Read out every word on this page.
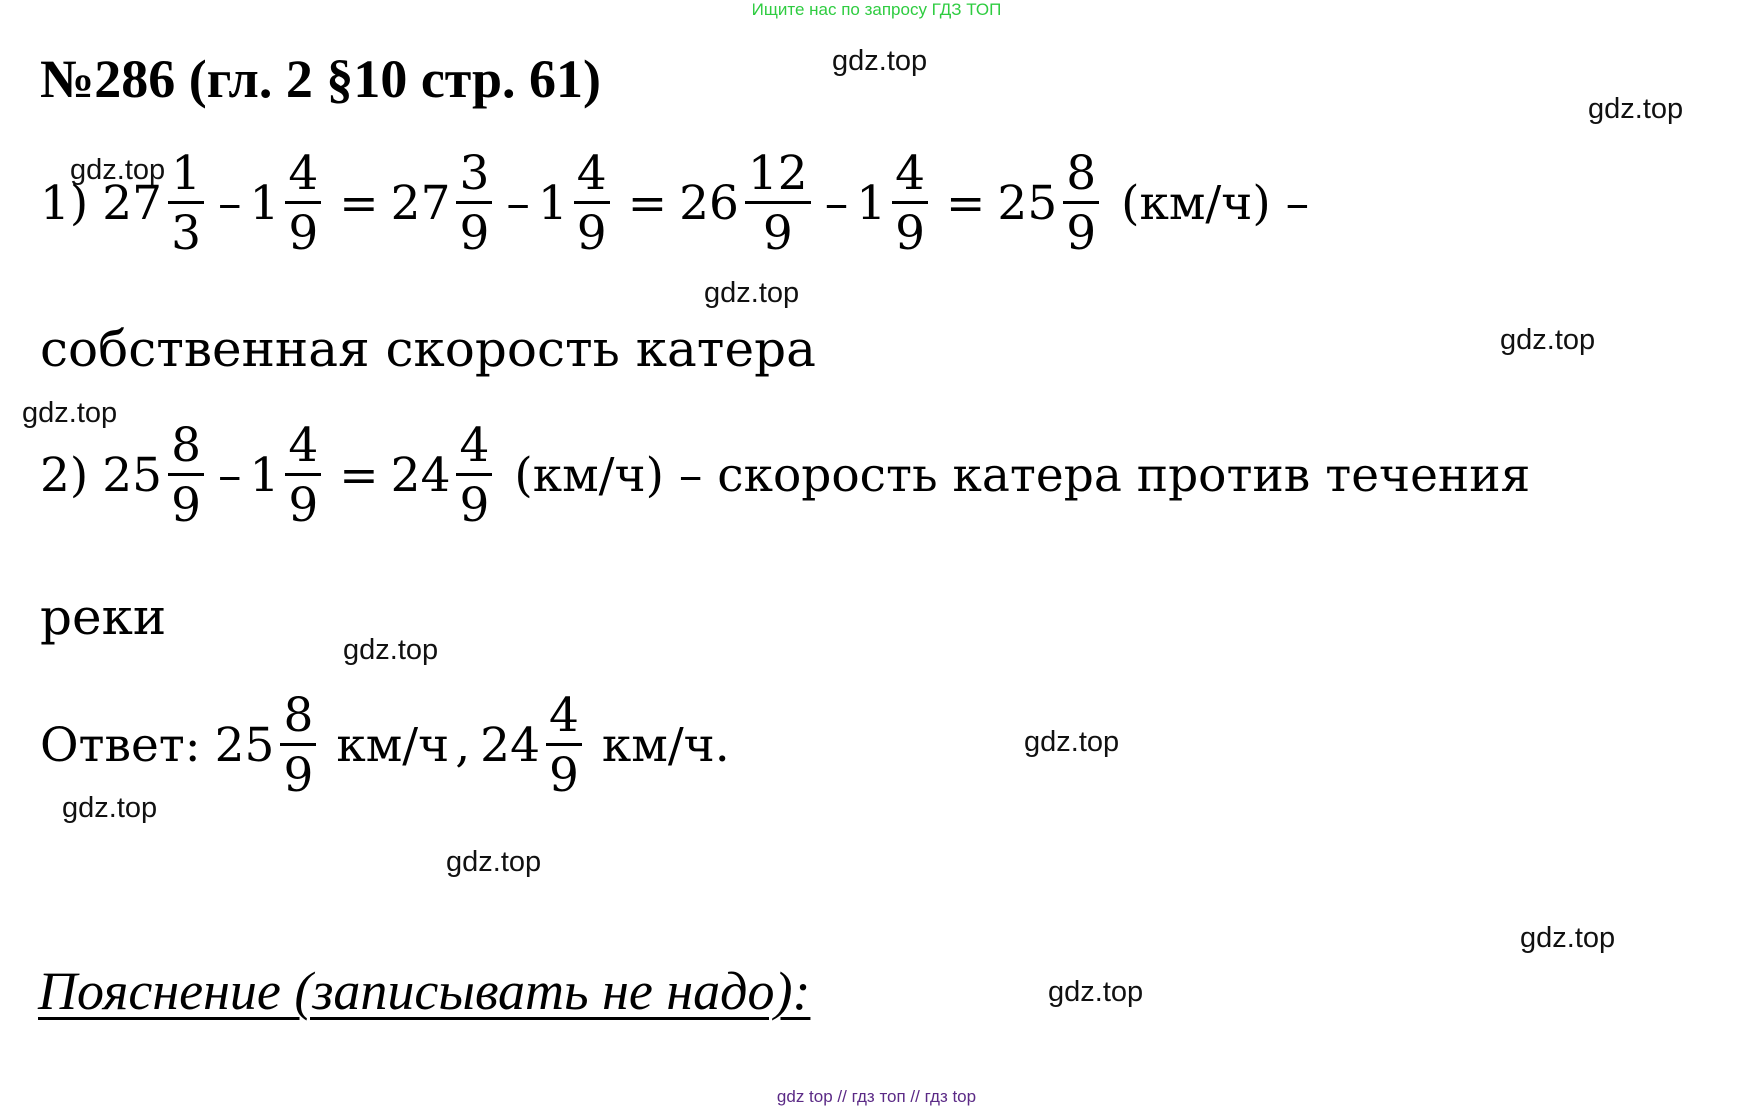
Ищите нас по запросу ГДЗ ТОП
№286 (гл. 2 §10 стр. 61)	gdz.top
gdz.top
gdz.top
gdz.top
gdz.top
gdz.top
gdz.top
gdz.top
gdz.top
gdz.top
gdz.top
gdz.top
1) $27 \frac{1}{3} - 1 \frac{4}{9} = 27 \frac{3}{9} - 1 \frac{4}{9} = 26 \frac{12}{9} - 1 \frac{4}{9} = 25 \frac{8}{9} (км/ч)$ –
собственная скорость катера
2) $25 \frac{8}{9} - 1 \frac{4}{9} = 24 \frac{4}{9} (км/ч)$ – скорость катера против течения
реки
Ответ: $25 \frac{8}{9} км/ч$ , $24 \frac{4}{9} км/ч$.
Пояснение (записывать не надо):
gdz top // гдз топ // гдз top
